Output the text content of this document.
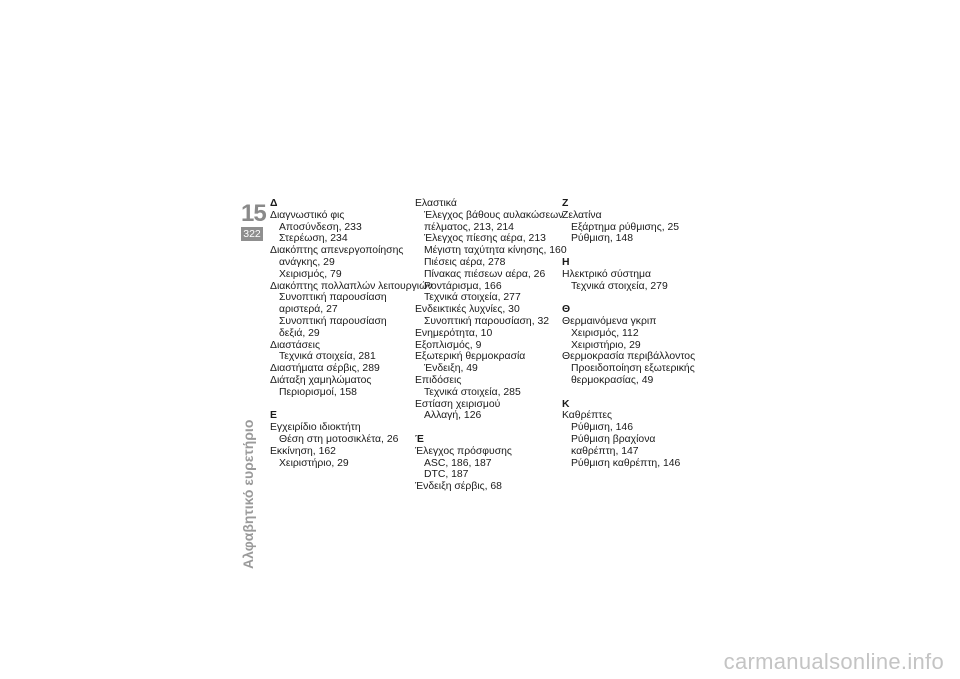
15
322
Αλφαβητικό ευρετήριο
Δ
Διαγνωστικό φις
Αποσύνδεση, 233
Στερέωση, 234
Διακόπτης απενεργοποίησης
ανάγκης, 29
Χειρισμός, 79
Διακόπτης πολλαπλών λειτουργιών
Συνοπτική παρουσίαση
αριστερά, 27
Συνοπτική παρουσίαση
δεξιά, 29
Διαστάσεις
Τεχνικά στοιχεία, 281
Διαστήματα σέρβις, 289
Διάταξη χαμηλώματος
Περιορισμοί, 158
Ε
Εγχειρίδιο ιδιοκτήτη
Θέση στη μοτοσικλέτα, 26
Εκκίνηση, 162
Χειριστήριο, 29
Ελαστικά
Έλεγχος βάθους αυλακώσεων
πέλματος, 213, 214
Έλεγχος πίεσης αέρα, 213
Μέγιστη ταχύτητα κίνησης, 160
Πιέσεις αέρα, 278
Πίνακας πιέσεων αέρα, 26
Ροντάρισμα, 166
Τεχνικά στοιχεία, 277
Ενδεικτικές λυχνίες, 30
Συνοπτική παρουσίαση, 32
Ενημερότητα, 10
Εξοπλισμός, 9
Εξωτερική θερμοκρασία
Ένδειξη, 49
Επιδόσεις
Τεχνικά στοιχεία, 285
Εστίαση χειρισμού
Αλλαγή, 126
Έ
Έλεγχος πρόσφυσης
ASC, 186, 187
DTC, 187
Ένδειξη σέρβις, 68
Ζ
Ζελατίνα
Εξάρτημα ρύθμισης, 25
Ρύθμιση, 148
Η
Ηλεκτρικό σύστημα
Τεχνικά στοιχεία, 279
Θ
Θερμαινόμενα γκριπ
Χειρισμός, 112
Χειριστήριο, 29
Θερμοκρασία περιβάλλοντος
Προειδοποίηση εξωτερικής
θερμοκρασίας, 49
Κ
Καθρέπτες
Ρύθμιση, 146
Ρύθμιση βραχίονα
καθρέπτη, 147
Ρύθμιση καθρέπτη, 146
carmanualsonline.info
